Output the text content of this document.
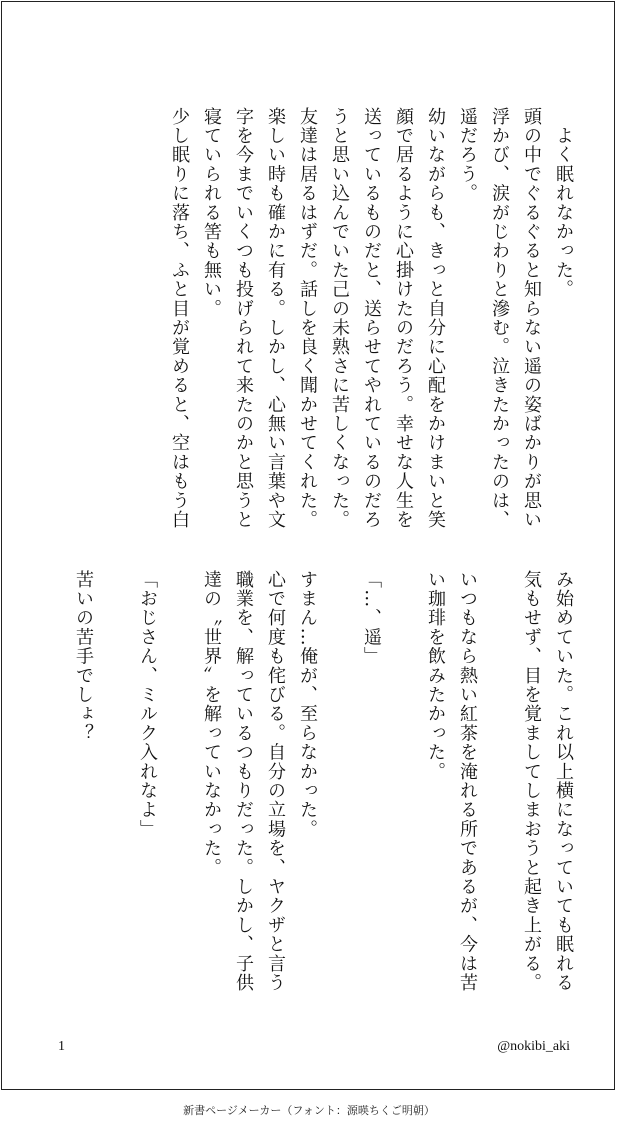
　よく眠れなかった。
頭の中でぐるぐると知らない遥の姿ばかりが思い
浮かび、涙がじわりと滲む。泣きたかったのは、
遥だろう。
幼いながらも、きっと自分に心配をかけまいと笑
顔で居るように心掛けたのだろう。幸せな人生を
送っているものだと、送らせてやれているのだろ
うと思い込んでいた己の未熟さに苦しくなった。
友達は居るはずだ。話しを良く聞かせてくれた。
楽しい時も確かに有る。しかし、心無い言葉や文
字を今までいくつも投げられて来たのかと思うと
寝ていられる筈も無い。
少し眠りに落ち、ふと目が覚めると、空はもう白
み始めていた。これ以上横になっていても眠れる
気もせず、目を覚ましてしまおうと起き上がる。
いつもなら熱い紅茶を淹れる所であるが、今は苦
い珈琲を飲みたかった。
「…、遥」
すまん…俺が、至らなかった。
心で何度も侘びる。自分の立場を、ヤクザと言う
職業を、解っているつもりだった。しかし、子供
達の〝世界〟を解っていなかった。
「おじさん、ミルク入れなよ」
苦いの苦手でしょ？
1	@nokibi_aki
新書ページメーカー（フォント：源暎ちくご明朝）
